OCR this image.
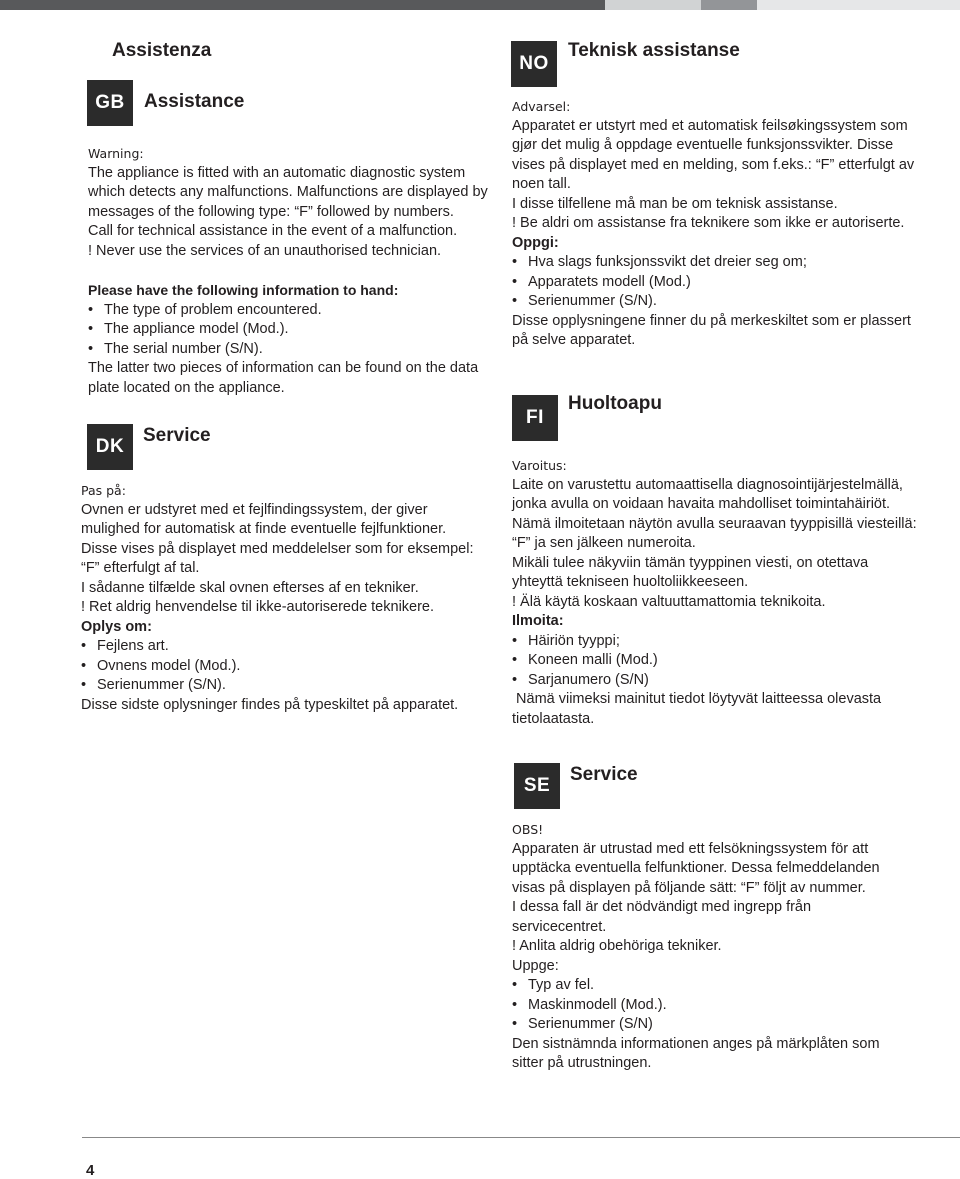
Assistenza
GB	Assistance
Warning:
The appliance is fitted with an automatic diagnostic system
which detects any malfunctions. Malfunctions are displayed by
messages of the following type: “F” followed by numbers.
Call for technical assistance in the event of a malfunction.
! Never use the services of an unauthorised technician.
Please have the following information to hand:
• The type of problem encountered.
• The appliance model (Mod.).
• The serial number (S/N).
The latter two pieces of information can be found on the data
plate located on the appliance.
DK
Service
Pas på:
Ovnen er udstyret med et fejlfindingssystem, der giver
mulighed for automatisk at finde eventuelle fejlfunktioner.
Disse vises på displayet med meddelelser som for eksempel:
“F” efterfulgt af tal.
I sådanne tilfælde skal ovnen efterses af en tekniker.
! Ret aldrig henvendelse til ikke-autoriserede teknikere.
Oplys om:
• Fejlens art.
• Ovnens model (Mod.).
• Serienummer (S/N).
Disse sidste oplysninger findes på typeskiltet på apparatet.
NO
Teknisk assistanse
Advarsel:
Apparatet er utstyrt med et automatisk feilsøkingssystem som
gjør det mulig å oppdage eventuelle funksjonssvikter. Disse
vises på displayet med en melding, som f.eks.: “F” etterfulgt av
noen tall.
I disse tilfellene må man be om teknisk assistanse.
! Be aldri om assistanse fra teknikere som ikke er autoriserte.
Oppgi:
• Hva slags funksjonssvikt det dreier seg om;
• Apparatets modell (Mod.)
• Serienummer (S/N).
Disse opplysningene finner du på merkeskiltet som er plassert
på selve apparatet.
FI
Huoltoapu
Varoitus:
Laite on varustettu automaattisella diagnosointijärjestelmällä,
jonka avulla on voidaan havaita mahdolliset toimintahäiriöt.
Nämä ilmoitetaan näytön avulla seuraavan tyyppisillä viesteillä:
“F” ja sen jälkeen numeroita.
Mikäli tulee näkyviin tämän tyyppinen viesti, on otettava
yhteyttä tekniseen huoltoliikkeeseen.
! Älä käytä koskaan valtuuttamattomia teknikoita.
Ilmoita:
• Häiriön tyyppi;
• Koneen malli (Mod.)
• Sarjanumero (S/N)
Nämä viimeksi mainitut tiedot löytyvät laitteessa olevasta
tietolaatasta.
SE
Service
OBS!
Apparaten är utrustad med ett felsökningssystem för att
upptäcka eventuella felfunktioner. Dessa felmeddelanden
visas på displayen på följande sätt: “F” följt av nummer.
I dessa fall är det nödvändigt med ingrepp från
servicecentret.
! Anlita aldrig obehöriga tekniker.
Uppge:
• Typ av fel.
• Maskinmodell (Mod.).
• Serienummer (S/N)
Den sistnämnda informationen anges på märkplåten som
sitter på utrustningen.
4
